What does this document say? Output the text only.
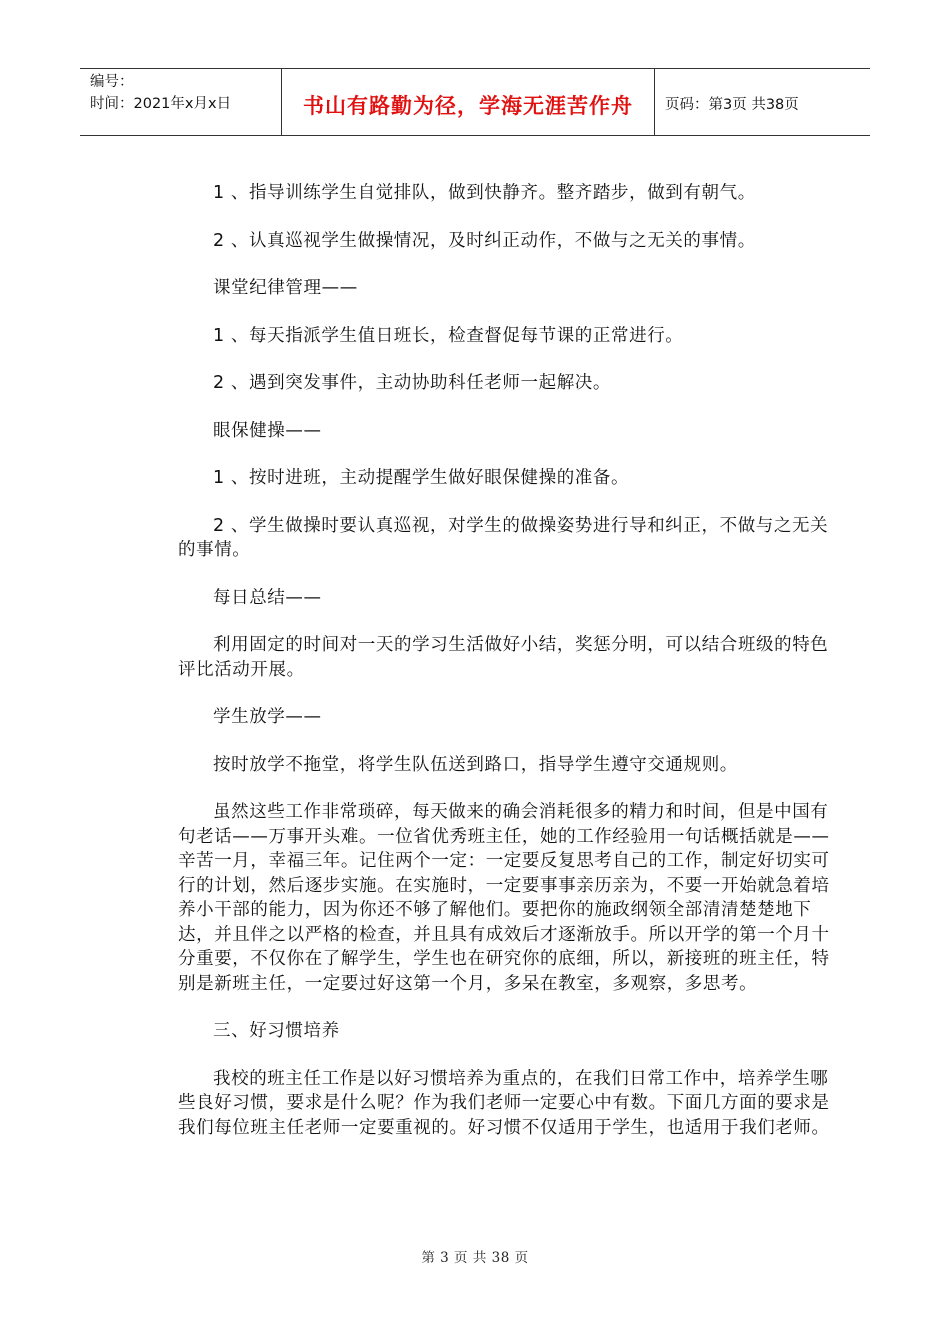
编号：
时间：2021年x月x日	书山有路勤为径，学海无涯苦作舟	页码：第3页 共38页

1 、指导训练学生自觉排队，做到快静齐。整齐踏步，做到有朝气。

2 、认真巡视学生做操情况，及时纠正动作，不做与之无关的事情。

课堂纪律管理——

1 、每天指派学生值日班长，检查督促每节课的正常进行。

2 、遇到突发事件，主动协助科任老师一起解决。

眼保健操——

1 、按时进班，主动提醒学生做好眼保健操的准备。

2 、学生做操时要认真巡视，对学生的做操姿势进行导和纠正，不做与之无关的事情。

每日总结——

利用固定的时间对一天的学习生活做好小结，奖惩分明，可以结合班级的特色评比活动开展。

学生放学——

按时放学不拖堂，将学生队伍送到路口，指导学生遵守交通规则。

虽然这些工作非常琐碎，每天做来的确会消耗很多的精力和时间，但是中国有句老话——万事开头难。一位省优秀班主任，她的工作经验用一句话概括就是——辛苦一月，幸福三年。记住两个一定：一定要反复思考自己的工作，制定好切实可行的计划，然后逐步实施。在实施时，一定要事事亲历亲为，不要一开始就急着培养小干部的能力，因为你还不够了解他们。要把你的施政纲领全部清清楚楚地下达，并且伴之以严格的检查，并且具有成效后才逐渐放手。所以开学的第一个月十分重要，不仅你在了解学生，学生也在研究你的底细，所以，新接班的班主任，特别是新班主任，一定要过好这第一个月，多呆在教室，多观察，多思考。

三、好习惯培养

我校的班主任工作是以好习惯培养为重点的，在我们日常工作中，培养学生哪些良好习惯，要求是什么呢？作为我们老师一定要心中有数。下面几方面的要求是我们每位班主任老师一定要重视的。好习惯不仅适用于学生，也适用于我们老师。

第 3 页 共 38 页
